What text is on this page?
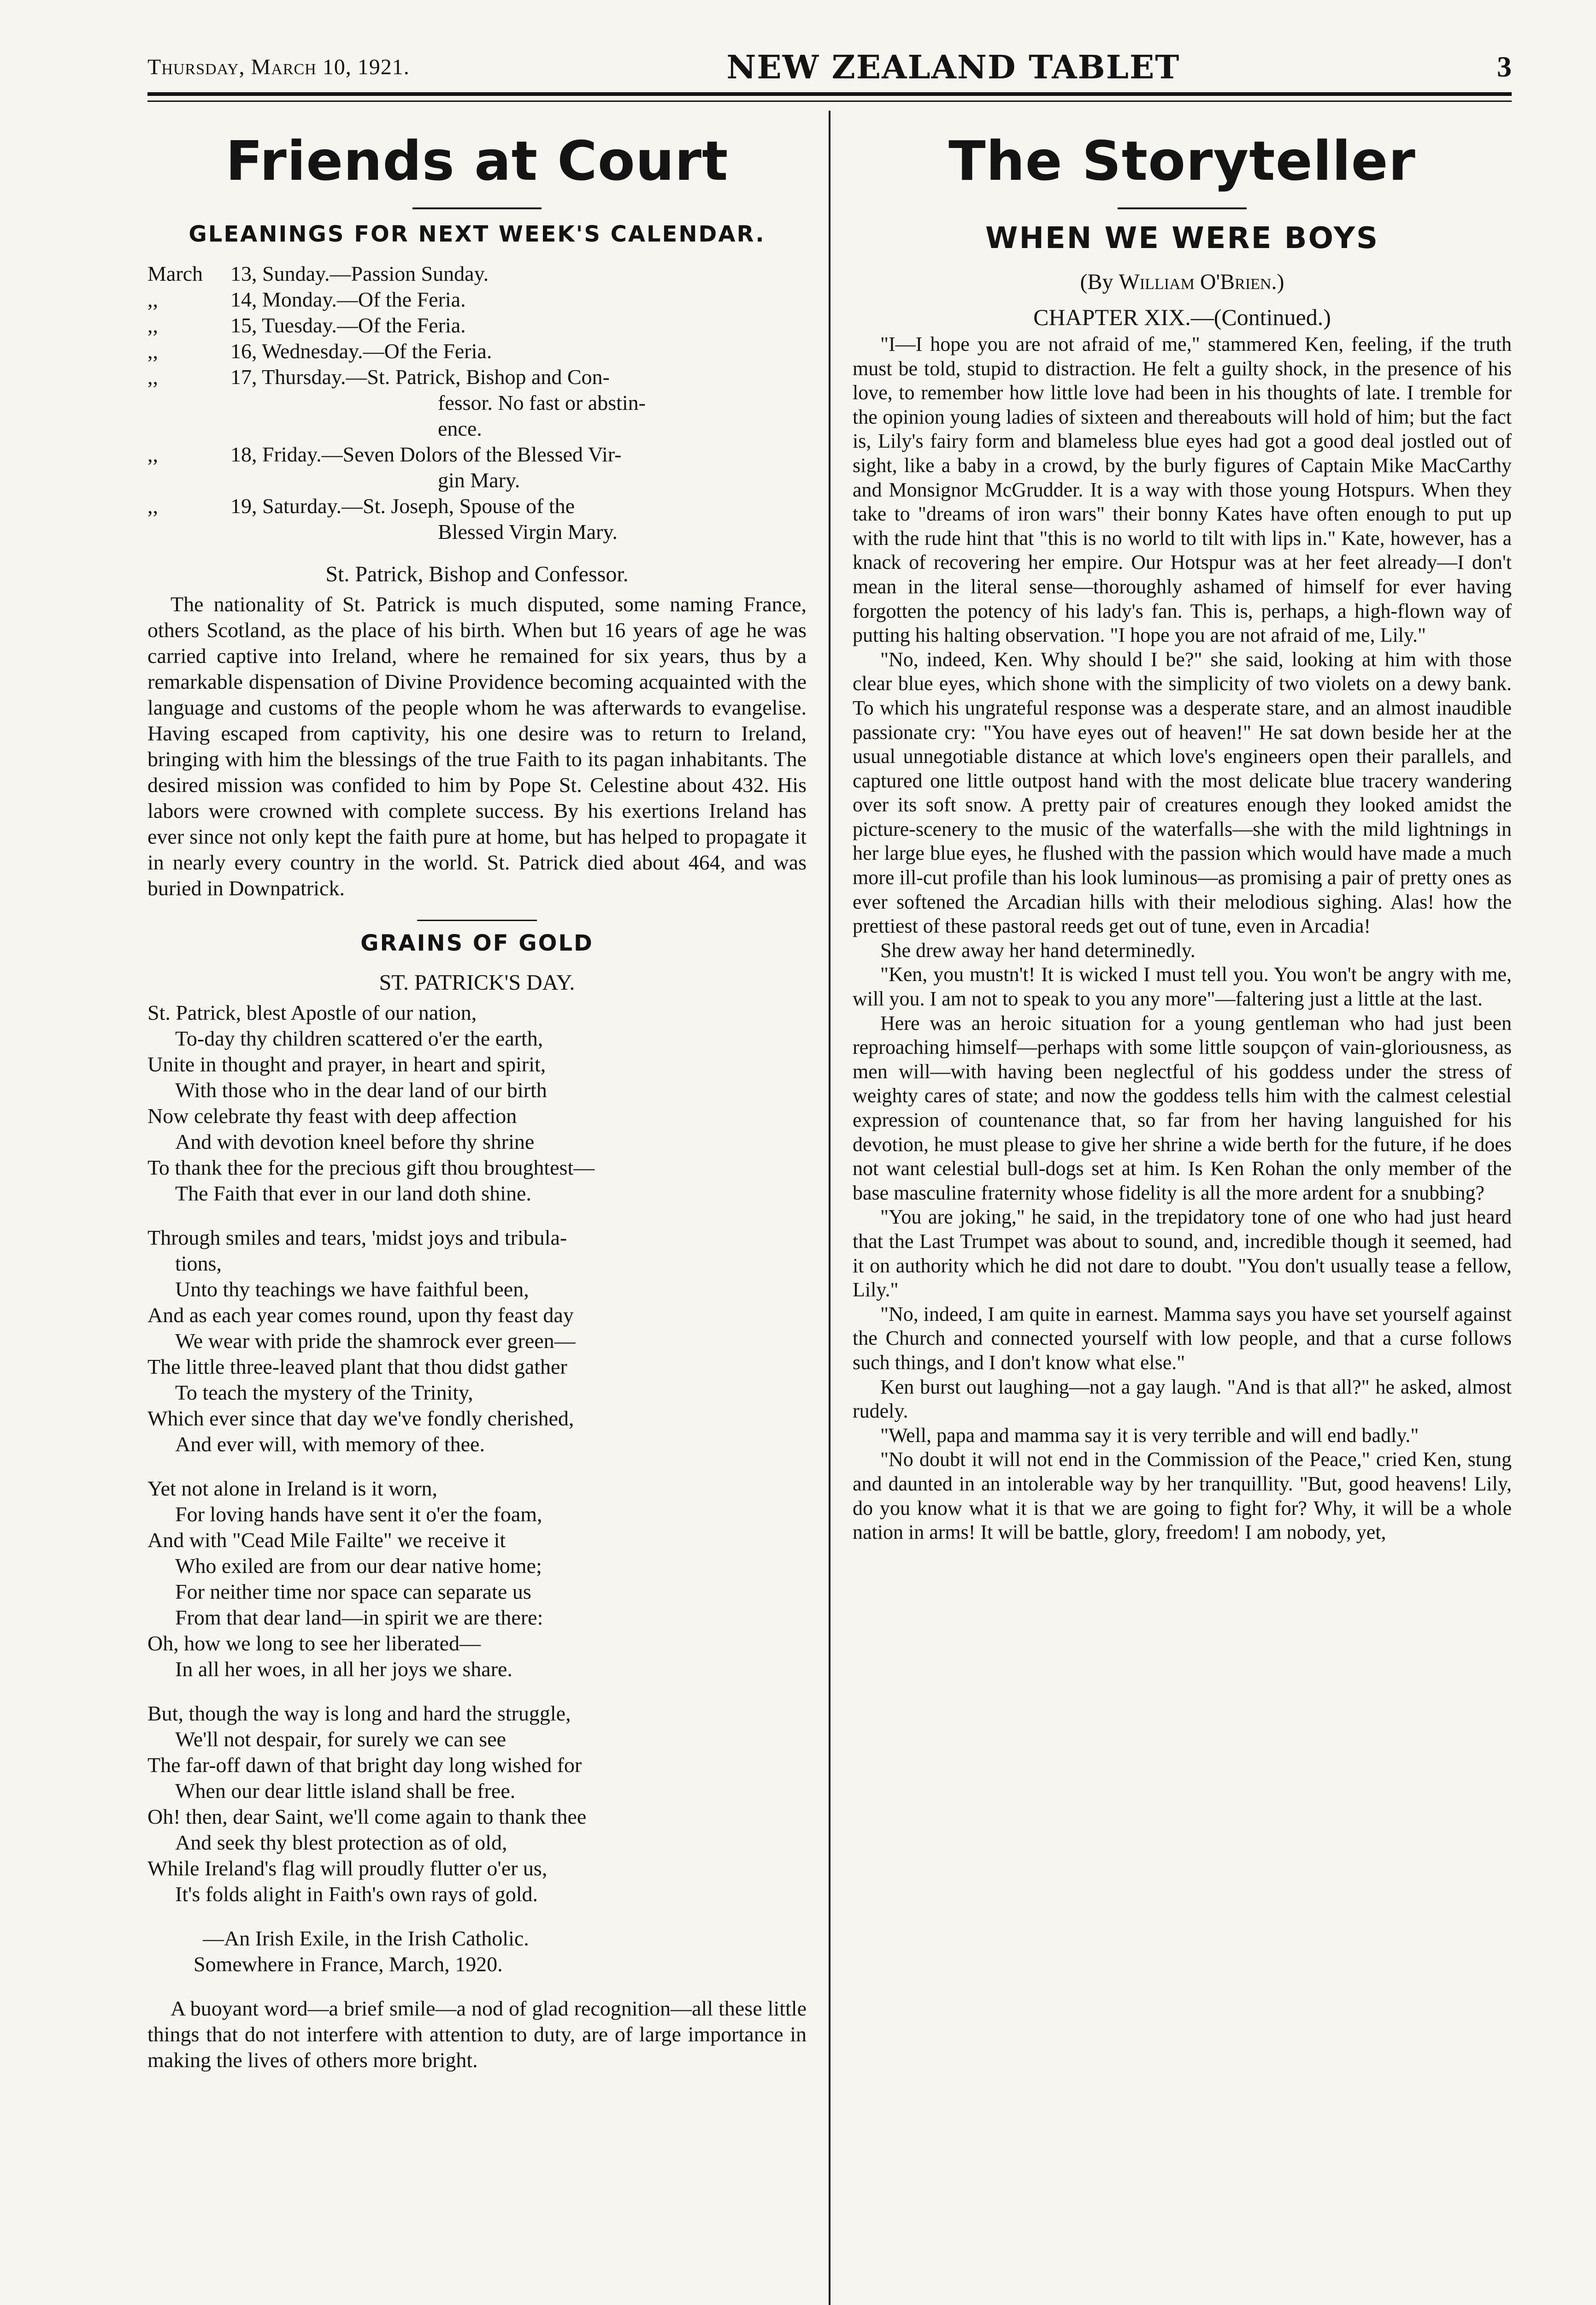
Thursday, March 10, 1921.	NEW ZEALAND TABLET	3
Friends at Court
GLEANINGS FOR NEXT WEEK'S CALENDAR.
March	13, Sunday.—Passion Sunday.
,,	14, Monday.—Of the Feria.
,,	15, Tuesday.—Of the Feria.
,,	16, Wednesday.—Of the Feria.
,,	17, Thursday.—St. Patrick, Bishop and Con-
fessor. No fast or abstin-
ence.
,,	18, Friday.—Seven Dolors of the Blessed Vir-
gin Mary.
,,	19, Saturday.—St. Joseph, Spouse of the
Blessed Virgin Mary.
St. Patrick, Bishop and Confessor.

The nationality of St. Patrick is much disputed, some naming France, others Scotland, as the place of his birth. When but 16 years of age he was carried captive into Ireland, where he remained for six years, thus by a remarkable dispensation of Divine Providence becoming acquainted with the language and customs of the people whom he was afterwards to evangelise. Having escaped from captivity, his one desire was to return to Ireland, bringing with him the blessings of the true Faith to its pagan inhabitants. The desired mission was confided to him by Pope St. Celestine about 432. His labors were crowned with complete success. By his exertions Ireland has ever since not only kept the faith pure at home, but has helped to propagate it in nearly every country in the world. St. Patrick died about 464, and was buried in Downpatrick.

GRAINS OF GOLD
ST. PATRICK'S DAY.
St. Patrick, blest Apostle of our nation,
To-day thy children scattered o'er the earth,
Unite in thought and prayer, in heart and spirit,
With those who in the dear land of our birth
Now celebrate thy feast with deep affection
And with devotion kneel before thy shrine
To thank thee for the precious gift thou broughtest—
The Faith that ever in our land doth shine.
Through smiles and tears, 'midst joys and tribula-
tions,
Unto thy teachings we have faithful been,
And as each year comes round, upon thy feast day
We wear with pride the shamrock ever green—
The little three-leaved plant that thou didst gather
To teach the mystery of the Trinity,
Which ever since that day we've fondly cherished,
And ever will, with memory of thee.
Yet not alone in Ireland is it worn,
For loving hands have sent it o'er the foam,
And with "Cead Mile Failte" we receive it
Who exiled are from our dear native home;
For neither time nor space can separate us
From that dear land—in spirit we are there:
Oh, how we long to see her liberated—
In all her woes, in all her joys we share.
But, though the way is long and hard the struggle,
We'll not despair, for surely we can see
The far-off dawn of that bright day long wished for
When our dear little island shall be free.
Oh! then, dear Saint, we'll come again to thank thee
And seek thy blest protection as of old,
While Ireland's flag will proudly flutter o'er us,
It's folds alight in Faith's own rays of gold.
—An Irish Exile, in the Irish Catholic.
Somewhere in France, March, 1920.

A buoyant word—a brief smile—a nod of glad recognition—all these little things that do not interfere with attention to duty, are of large importance in making the lives of others more bright.

The Storyteller
WHEN WE WERE BOYS
(By William O'Brien.)
CHAPTER XIX.—(Continued.)

"I—I hope you are not afraid of me," stammered Ken, feeling, if the truth must be told, stupid to distraction. He felt a guilty shock, in the presence of his love, to remember how little love had been in his thoughts of late. I tremble for the opinion young ladies of sixteen and thereabouts will hold of him; but the fact is, Lily's fairy form and blameless blue eyes had got a good deal jostled out of sight, like a baby in a crowd, by the burly figures of Captain Mike MacCarthy and Monsignor McGrudder. It is a way with those young Hotspurs. When they take to "dreams of iron wars" their bonny Kates have often enough to put up with the rude hint that "this is no world to tilt with lips in." Kate, however, has a knack of recovering her empire. Our Hotspur was at her feet already—I don't mean in the literal sense—thoroughly ashamed of himself for ever having forgotten the potency of his lady's fan. This is, perhaps, a high-flown way of putting his halting observation. "I hope you are not afraid of me, Lily."

"No, indeed, Ken. Why should I be?" she said, looking at him with those clear blue eyes, which shone with the simplicity of two violets on a dewy bank. To which his ungrateful response was a desperate stare, and an almost inaudible passionate cry: "You have eyes out of heaven!" He sat down beside her at the usual unnegotiable distance at which love's engineers open their parallels, and captured one little outpost hand with the most delicate blue tracery wandering over its soft snow. A pretty pair of creatures enough they looked amidst the picture-scenery to the music of the waterfalls—she with the mild lightnings in her large blue eyes, he flushed with the passion which would have made a much more ill-cut profile than his look luminous—as promising a pair of pretty ones as ever softened the Arcadian hills with their melodious sighing. Alas! how the prettiest of these pastoral reeds get out of tune, even in Arcadia!

She drew away her hand determinedly.

"Ken, you mustn't! It is wicked I must tell you. You won't be angry with me, will you. I am not to speak to you any more"—faltering just a little at the last.

Here was an heroic situation for a young gentleman who had just been reproaching himself—perhaps with some little soupçon of vain-gloriousness, as men will—with having been neglectful of his goddess under the stress of weighty cares of state; and now the goddess tells him with the calmest celestial expression of countenance that, so far from her having languished for his devotion, he must please to give her shrine a wide berth for the future, if he does not want celestial bull-dogs set at him. Is Ken Rohan the only member of the base masculine fraternity whose fidelity is all the more ardent for a snubbing?

"You are joking," he said, in the trepidatory tone of one who had just heard that the Last Trumpet was about to sound, and, incredible though it seemed, had it on authority which he did not dare to doubt. "You don't usually tease a fellow, Lily."

"No, indeed, I am quite in earnest. Mamma says you have set yourself against the Church and connected yourself with low people, and that a curse follows such things, and I don't know what else."

Ken burst out laughing—not a gay laugh. "And is that all?" he asked, almost rudely.

"Well, papa and mamma say it is very terrible and will end badly."

"No doubt it will not end in the Commission of the Peace," cried Ken, stung and daunted in an intolerable way by her tranquillity. "But, good heavens! Lily, do you know what it is that we are going to fight for? Why, it will be a whole nation in arms! It will be battle, glory, freedom! I am nobody, yet,
